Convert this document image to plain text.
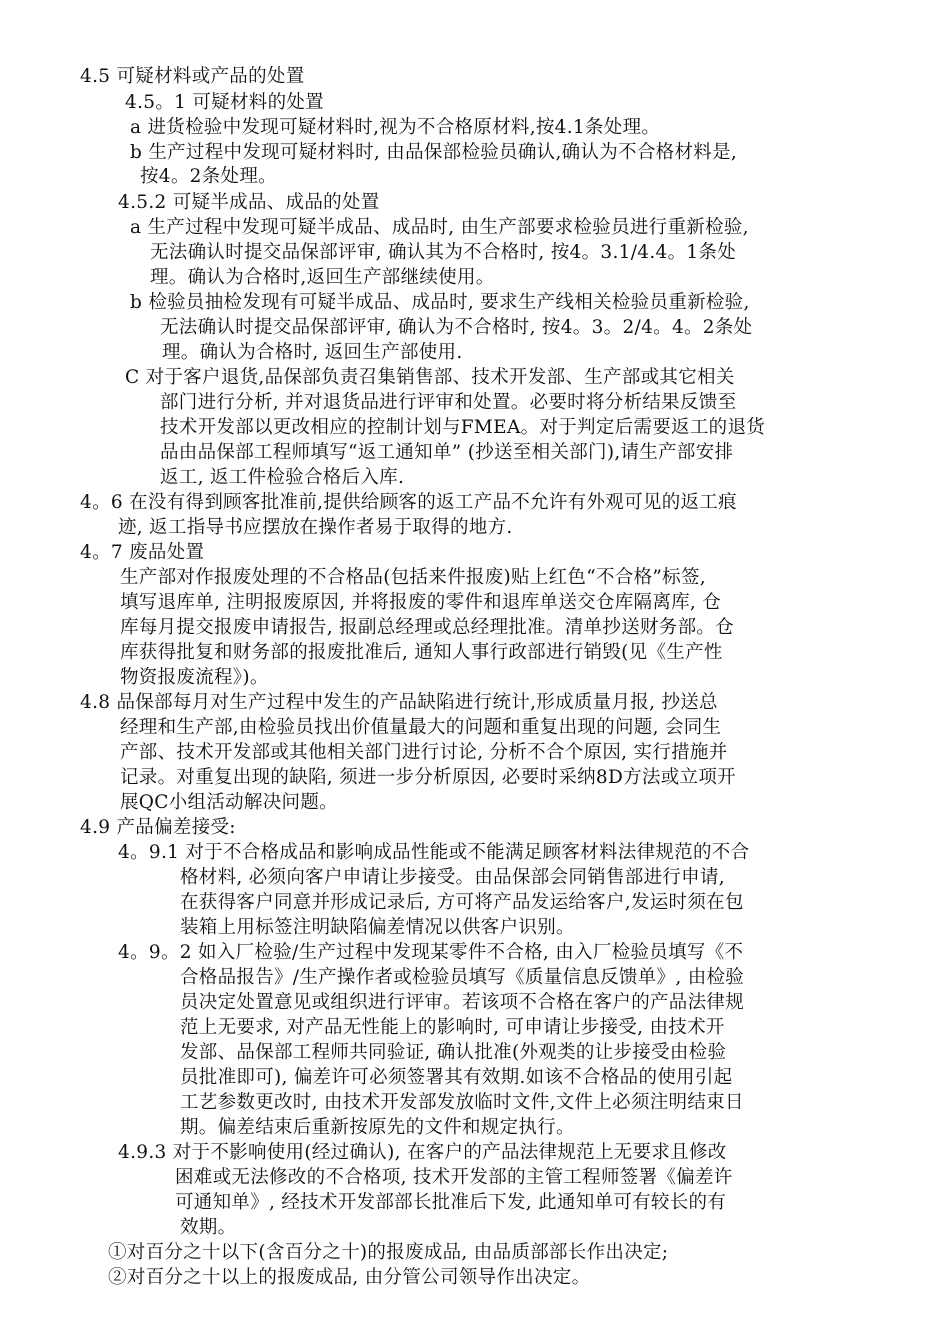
4.5 可疑材料或产品的处置
4.5。1 可疑材料的处置
a 进货检验中发现可疑材料时,视为不合格原材料,按4.1条处理。
b 生产过程中发现可疑材料时, 由品保部检验员确认,确认为不合格材料是,
按4。2条处理。
4.5.2 可疑半成品、成品的处置
a 生产过程中发现可疑半成品、成品时, 由生产部要求检验员进行重新检验,
无法确认时提交品保部评审, 确认其为不合格时, 按4。3.1/4.4。1条处
理。确认为合格时,返回生产部继续使用。
b 检验员抽检发现有可疑半成品、成品时, 要求生产线相关检验员重新检验,
无法确认时提交品保部评审, 确认为不合格时, 按4。3。2/4。4。2条处
理。确认为合格时, 返回生产部使用.
C 对于客户退货,品保部负责召集销售部、技术开发部、生产部或其它相关
部门进行分析, 并对退货品进行评审和处置。必要时将分析结果反馈至
技术开发部以更改相应的控制计划与FMEA。对于判定后需要返工的退货
品由品保部工程师填写“返工通知单” (抄送至相关部门),请生产部安排
返工, 返工件检验合格后入库.
4。6 在没有得到顾客批准前,提供给顾客的返工产品不允许有外观可见的返工痕
迹, 返工指导书应摆放在操作者易于取得的地方.
4。7 废品处置
生产部对作报废处理的不合格品(包括来件报废)贴上红色“不合格”标签,
填写退库单, 注明报废原因, 并将报废的零件和退库单送交仓库隔离库, 仓
库每月提交报废申请报告, 报副总经理或总经理批准。清单抄送财务部。仓
库获得批复和财务部的报废批准后, 通知人事行政部进行销毁(见《生产性
物资报废流程》)。
4.8 品保部每月对生产过程中发生的产品缺陷进行统计,形成质量月报, 抄送总
经理和生产部,由检验员找出价值量最大的问题和重复出现的问题, 会同生
产部、技术开发部或其他相关部门进行讨论, 分析不合个原因, 实行措施并
记录。对重复出现的缺陷, 须进一步分析原因, 必要时采纳8D方法或立项开
展QC小组活动解决问题。
4.9 产品偏差接受:
4。9.1 对于不合格成品和影响成品性能或不能满足顾客材料法律规范的不合
格材料, 必须向客户申请让步接受。由品保部会同销售部进行申请,
在获得客户同意并形成记录后, 方可将产品发运给客户,发运时须在包
装箱上用标签注明缺陷偏差情况以供客户识别。
4。9。2 如入厂检验/生产过程中发现某零件不合格, 由入厂检验员填写《不
合格品报告》/生产操作者或检验员填写《质量信息反馈单》, 由检验
员决定处置意见或组织进行评审。若该项不合格在客户的产品法律规
范上无要求, 对产品无性能上的影响时, 可申请让步接受, 由技术开
发部、品保部工程师共同验证, 确认批准(外观类的让步接受由检验
员批准即可), 偏差许可必须签署其有效期.如该不合格品的使用引起
工艺参数更改时, 由技术开发部发放临时文件,文件上必须注明结束日
期。偏差结束后重新按原先的文件和规定执行。
4.9.3 对于不影响使用(经过确认), 在客户的产品法律规范上无要求且修改
困难或无法修改的不合格项, 技术开发部的主管工程师签署《偏差许
可通知单》, 经技术开发部部长批准后下发, 此通知单可有较长的有
效期。
①对百分之十以下(含百分之十)的报废成品, 由品质部部长作出决定;
②对百分之十以上的报废成品, 由分管公司领导作出决定。
